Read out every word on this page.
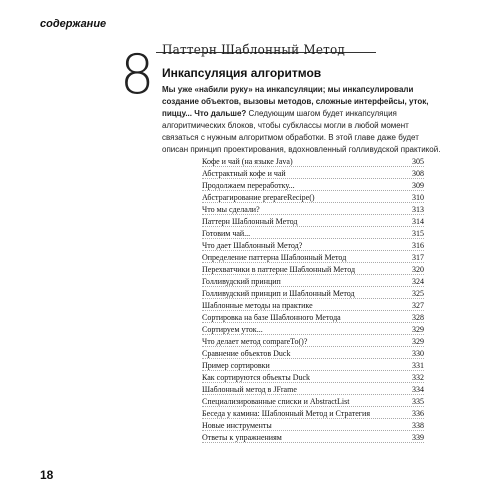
содержание
8 Паттерн Шаблонный Метод
Инкапсуляция алгоритмов
Мы уже «набили руку» на инкапсуляции; мы инкапсулировали создание объектов, вызовы методов, сложные интерфейсы, уток, пиццу... Что дальше? Следующим шагом будет инкапсуляция алгоритмических блоков, чтобы субклассы могли в любой момент связаться с нужным алгоритмом обработки. В этой главе даже будет описан принцип проектирования, вдохновленный голливудской практикой.
Кофе и чай (на языке Java)	305
Абстрактный кофе и чай	308
Продолжаем переработку...	309
Абстрагирование prepareRecipe()	310
Что мы сделали?	313
Паттерн Шаблонный Метод	314
Готовим чай...	315
Что дает Шаблонный Метод?	316
Определение паттерна Шаблонный Метод	317
Перехватчики в паттерне Шаблонный Метод	320
Голливудский принцип	324
Голливудский принцип и Шаблонный Метод	325
Шаблонные методы на практике	327
Сортировка на базе Шаблонного Метода	328
Сортируем уток...	329
Что делает метод compareTo()?	329
Сравнение объектов Duck	330
Пример сортировки	331
Как сортируются объекты Duck	332
Шаблонный метод в JFrame	334
Специализированные списки и AbstractList	335
Беседа у камина: Шаблонный Метод и Стратегия	336
Новые инструменты	338
Ответы к упражнениям	339
18
